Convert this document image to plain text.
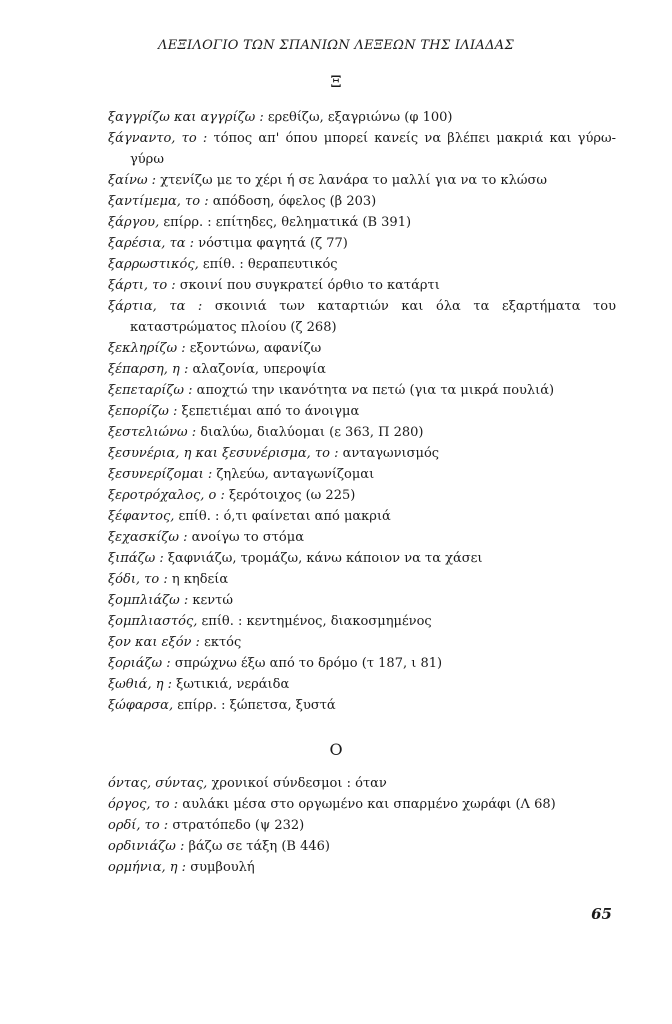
ΛΕΞΙΛΟΓΙΟ ΤΩΝ ΣΠΑΝΙΩΝ ΛΕΞΕΩΝ ΤΗΣ ΙΛΙΑΔΑΣ
Ξ
ξαγγρίζω και αγγρίζω : ερεθίζω, εξαγριώνω (φ 100)
ξάγναντο, το : τόπος απ' όπου μπορεί κανείς να βλέπει μακριά και γύρω-γύρω
ξαίνω : χτενίζω με το χέρι ή σε λανάρα το μαλλί για να το κλώσω
ξαντίμεμα, το : απόδοση, όφελος (β 203)
ξάργου, επίρρ. : επίτηδες, θεληματικά (Β 391)
ξαρέσια, τα : νόστιμα φαγητά (ζ 77)
ξαρρωστικός, επίθ. : θεραπευτικός
ξάρτι, το : σκοινί που συγκρατεί όρθιο το κατάρτι
ξάρτια, τα : σκοινιά των καταρτιών και όλα τα εξαρτήματα του καταστρώματος πλοίου (ζ 268)
ξεκληρίζω : εξοντώνω, αφανίζω
ξέπαρση, η : αλαζονία, υπεροψία
ξεπεταρίζω : αποχτώ την ικανότητα να πετώ (για τα μικρά πουλιά)
ξεπορίζω : ξεπετιέμαι από το άνοιγμα
ξεστελιώνω : διαλύω, διαλύομαι (ε 363, Π 280)
ξεσυνέρια, η και ξεσυνέρισμα, το : ανταγωνισμός
ξεσυνερίζομαι : ζηλεύω, ανταγωνίζομαι
ξεροτρόχαλος, ο : ξερότοιχος (ω 225)
ξέφαντος, επίθ. : ό,τι φαίνεται από μακριά
ξεχασκίζω : ανοίγω το στόμα
ξιπάζω : ξαφνιάζω, τρομάζω, κάνω κάποιον να τα χάσει
ξόδι, το : η κηδεία
ξομπλιάζω : κεντώ
ξομπλιαστός, επίθ. : κεντημένος, διακοσμημένος
ξον και εξόν : εκτός
ξοριάζω : σπρώχνω έξω από το δρόμο (τ 187, ι 81)
ξωθιά, η : ξωτικιά, νεράιδα
ξώφαρσα, επίρρ. : ξώπετσα, ξυστά
Ο
όντας, σύντας, χρονικοί σύνδεσμοι : όταν
όργος, το : αυλάκι μέσα στο οργωμένο και σπαρμένο χωράφι (Λ 68)
ορδί, το : στρατόπεδο (ψ 232)
ορδινιάζω : βάζω σε τάξη (Β 446)
ορμήνια, η : συμβουλή
65
